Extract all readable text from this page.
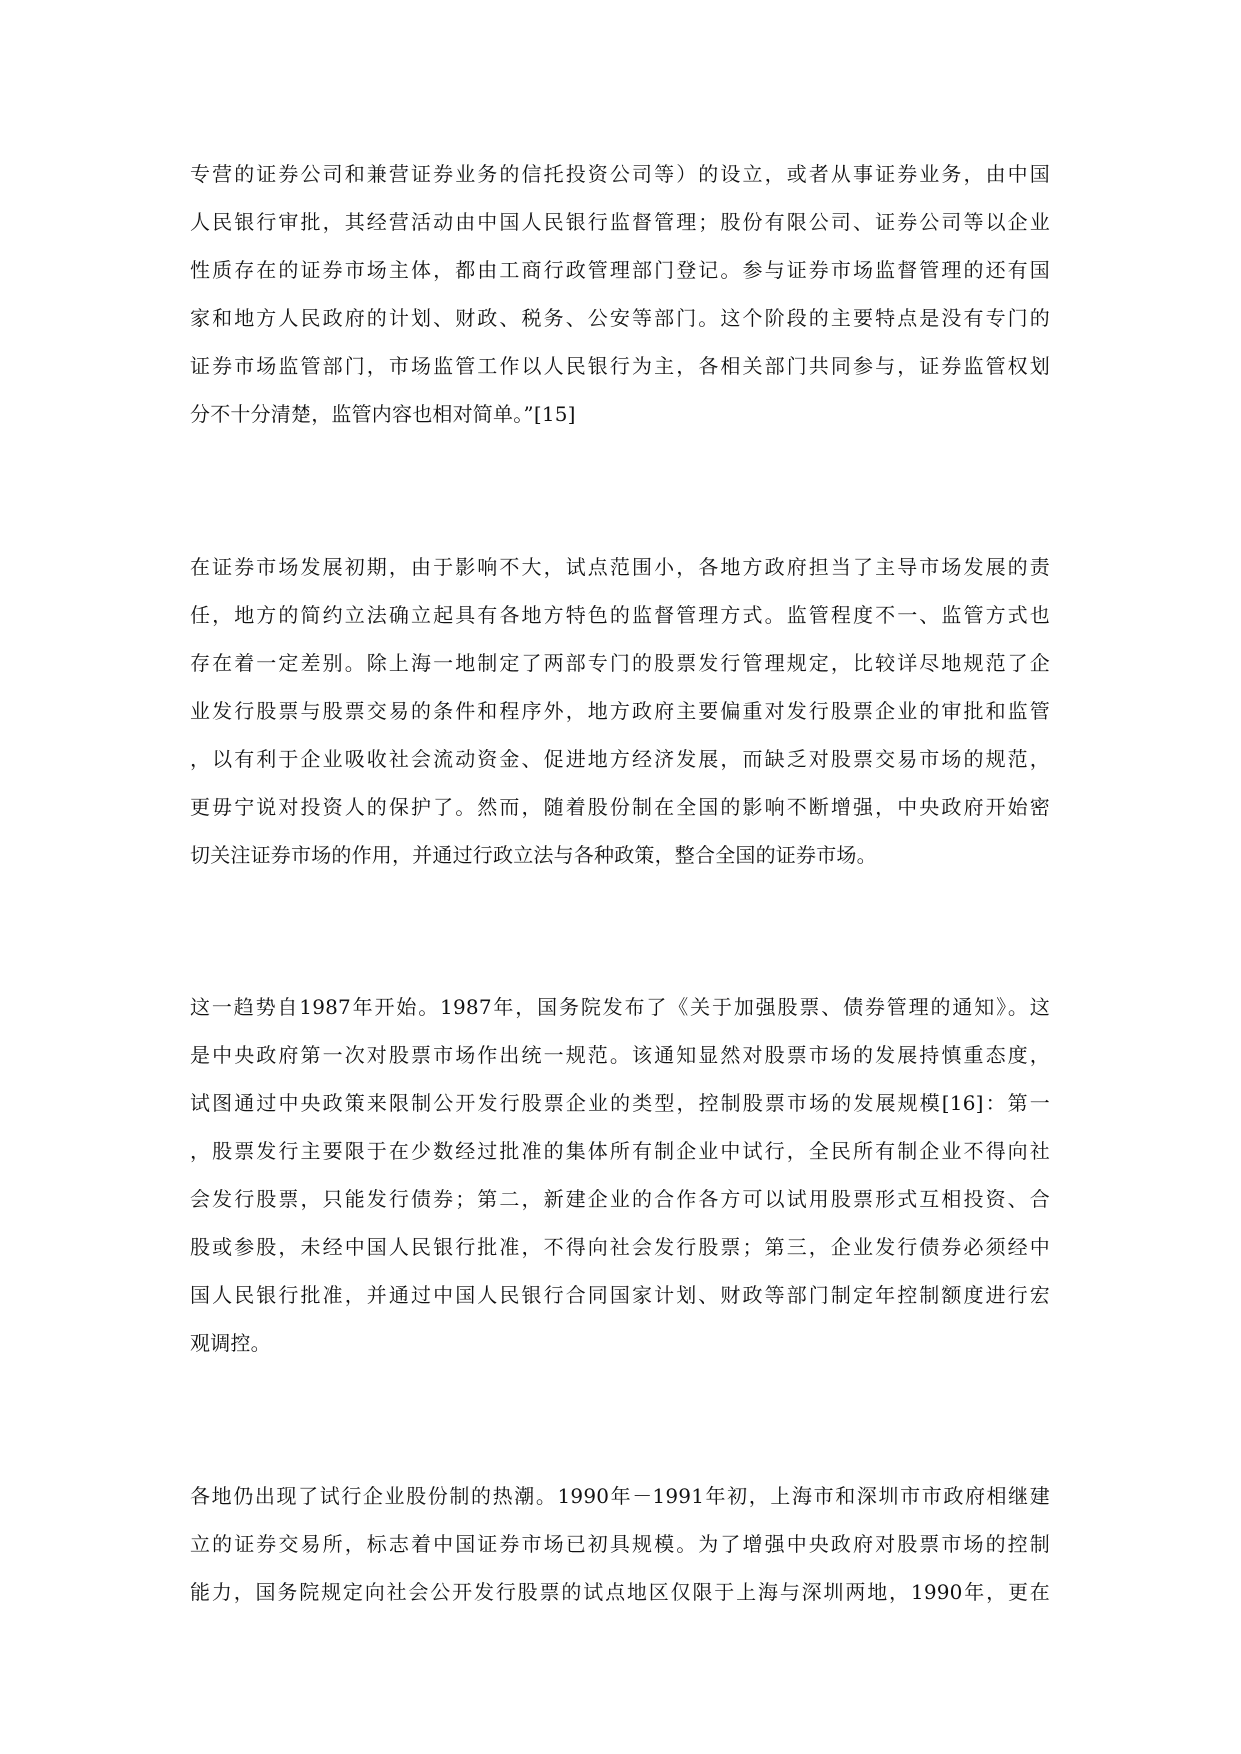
专营的证券公司和兼营证券业务的信托投资公司等）的设立，或者从事证券业务，由中国
人民银行审批，其经营活动由中国人民银行监督管理；股份有限公司、证券公司等以企业
性质存在的证券市场主体，都由工商行政管理部门登记。参与证券市场监督管理的还有国
家和地方人民政府的计划、财政、税务、公安等部门。这个阶段的主要特点是没有专门的
证券市场监管部门，市场监管工作以人民银行为主，各相关部门共同参与，证券监管权划
分不十分清楚，监管内容也相对简单。”[15]
在证券市场发展初期，由于影响不大，试点范围小，各地方政府担当了主导市场发展的责
任，地方的简约立法确立起具有各地方特色的监督管理方式。监管程度不一、监管方式也
存在着一定差别。除上海一地制定了两部专门的股票发行管理规定，比较详尽地规范了企
业发行股票与股票交易的条件和程序外，地方政府主要偏重对发行股票企业的审批和监管
，以有利于企业吸收社会流动资金、促进地方经济发展，而缺乏对股票交易市场的规范，
更毋宁说对投资人的保护了。然而，随着股份制在全国的影响不断增强，中央政府开始密
切关注证券市场的作用，并通过行政立法与各种政策，整合全国的证券市场。
这一趋势自1987年开始。1987年，国务院发布了《关于加强股票、债券管理的通知》。这
是中央政府第一次对股票市场作出统一规范。该通知显然对股票市场的发展持慎重态度，
试图通过中央政策来限制公开发行股票企业的类型，控制股票市场的发展规模[16]：第一
，股票发行主要限于在少数经过批准的集体所有制企业中试行，全民所有制企业不得向社
会发行股票，只能发行债券；第二，新建企业的合作各方可以试用股票形式互相投资、合
股或参股，未经中国人民银行批准，不得向社会发行股票；第三，企业发行债券必须经中
国人民银行批准，并通过中国人民银行合同国家计划、财政等部门制定年控制额度进行宏
观调控。
各地仍出现了试行企业股份制的热潮。1990年－1991年初，上海市和深圳市市政府相继建
立的证券交易所，标志着中国证券市场已初具规模。为了增强中央政府对股票市场的控制
能力，国务院规定向社会公开发行股票的试点地区仅限于上海与深圳两地，1990年，更在
